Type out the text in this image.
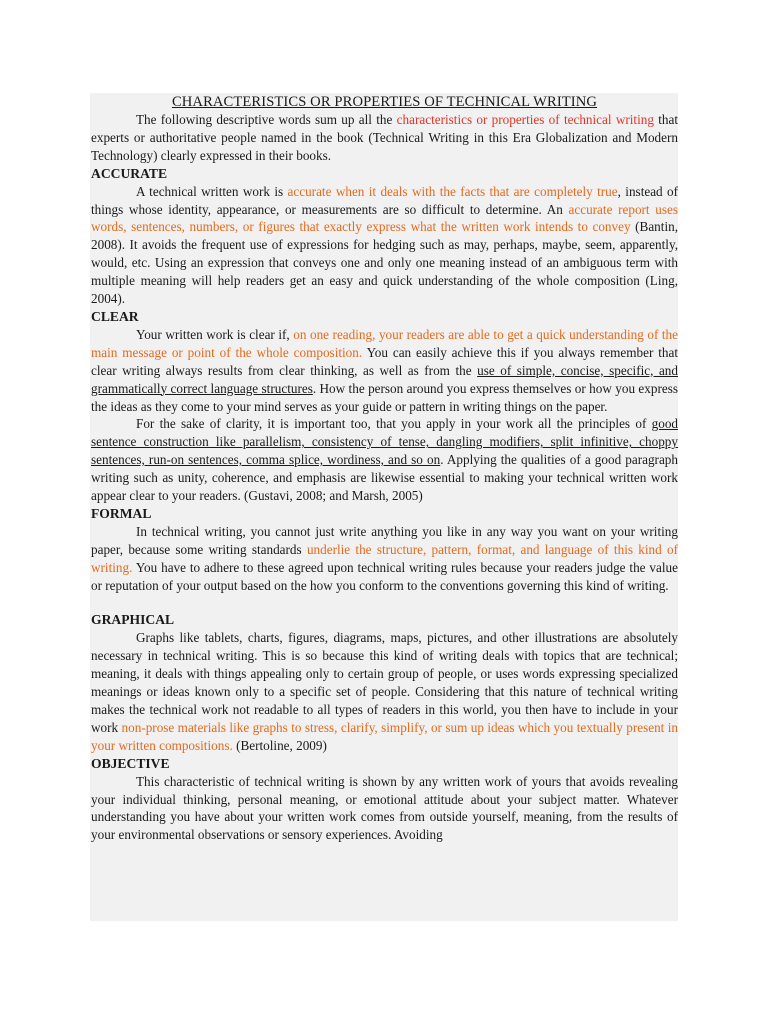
CHARACTERISTICS OR PROPERTIES OF TECHNICAL WRITING

The following descriptive words sum up all the characteristics or properties of technical writing that experts or authoritative people named in the book (Technical Writing in this Era Globalization and Modern Technology) clearly expressed in their books.

ACCURATE

A technical written work is accurate when it deals with the facts that are completely true, instead of things whose identity, appearance, or measurements are so difficult to determine. An accurate report uses words, sentences, numbers, or figures that exactly express what the written work intends to convey (Bantin, 2008). It avoids the frequent use of expressions for hedging such as may, perhaps, maybe, seem, apparently, would, etc. Using an expression that conveys one and only one meaning instead of an ambiguous term with multiple meaning will help readers get an easy and quick understanding of the whole composition (Ling, 2004).

CLEAR

Your written work is clear if, on one reading, your readers are able to get a quick understanding of the main message or point of the whole composition. You can easily achieve this if you always remember that clear writing always results from clear thinking, as well as from the use of simple, concise, specific, and grammatically correct language structures. How the person around you express themselves or how you express the ideas as they come to your mind serves as your guide or pattern in writing things on the paper.

For the sake of clarity, it is important too, that you apply in your work all the principles of good sentence construction like parallelism, consistency of tense, dangling modifiers, split infinitive, choppy sentences, run-on sentences, comma splice, wordiness, and so on. Applying the qualities of a good paragraph writing such as unity, coherence, and emphasis are likewise essential to making your technical written work appear clear to your readers. (Gustavi, 2008; and Marsh, 2005)

FORMAL

In technical writing, you cannot just write anything you like in any way you want on your writing paper, because some writing standards underlie the structure, pattern, format, and language of this kind of writing. You have to adhere to these agreed upon technical writing rules because your readers judge the value or reputation of your output based on the how you conform to the conventions governing this kind of writing.

GRAPHICAL

Graphs like tablets, charts, figures, diagrams, maps, pictures, and other illustrations are absolutely necessary in technical writing. This is so because this kind of writing deals with topics that are technical; meaning, it deals with things appealing only to certain group of people, or uses words expressing specialized meanings or ideas known only to a specific set of people. Considering that this nature of technical writing makes the technical work not readable to all types of readers in this world, you then have to include in your work non-prose materials like graphs to stress, clarify, simplify, or sum up ideas which you textually present in your written compositions. (Bertoline, 2009)

OBJECTIVE

This characteristic of technical writing is shown by any written work of yours that avoids revealing your individual thinking, personal meaning, or emotional attitude about your subject matter. Whatever understanding you have about your written work comes from outside yourself, meaning, from the results of your environmental observations or sensory experiences. Avoiding
